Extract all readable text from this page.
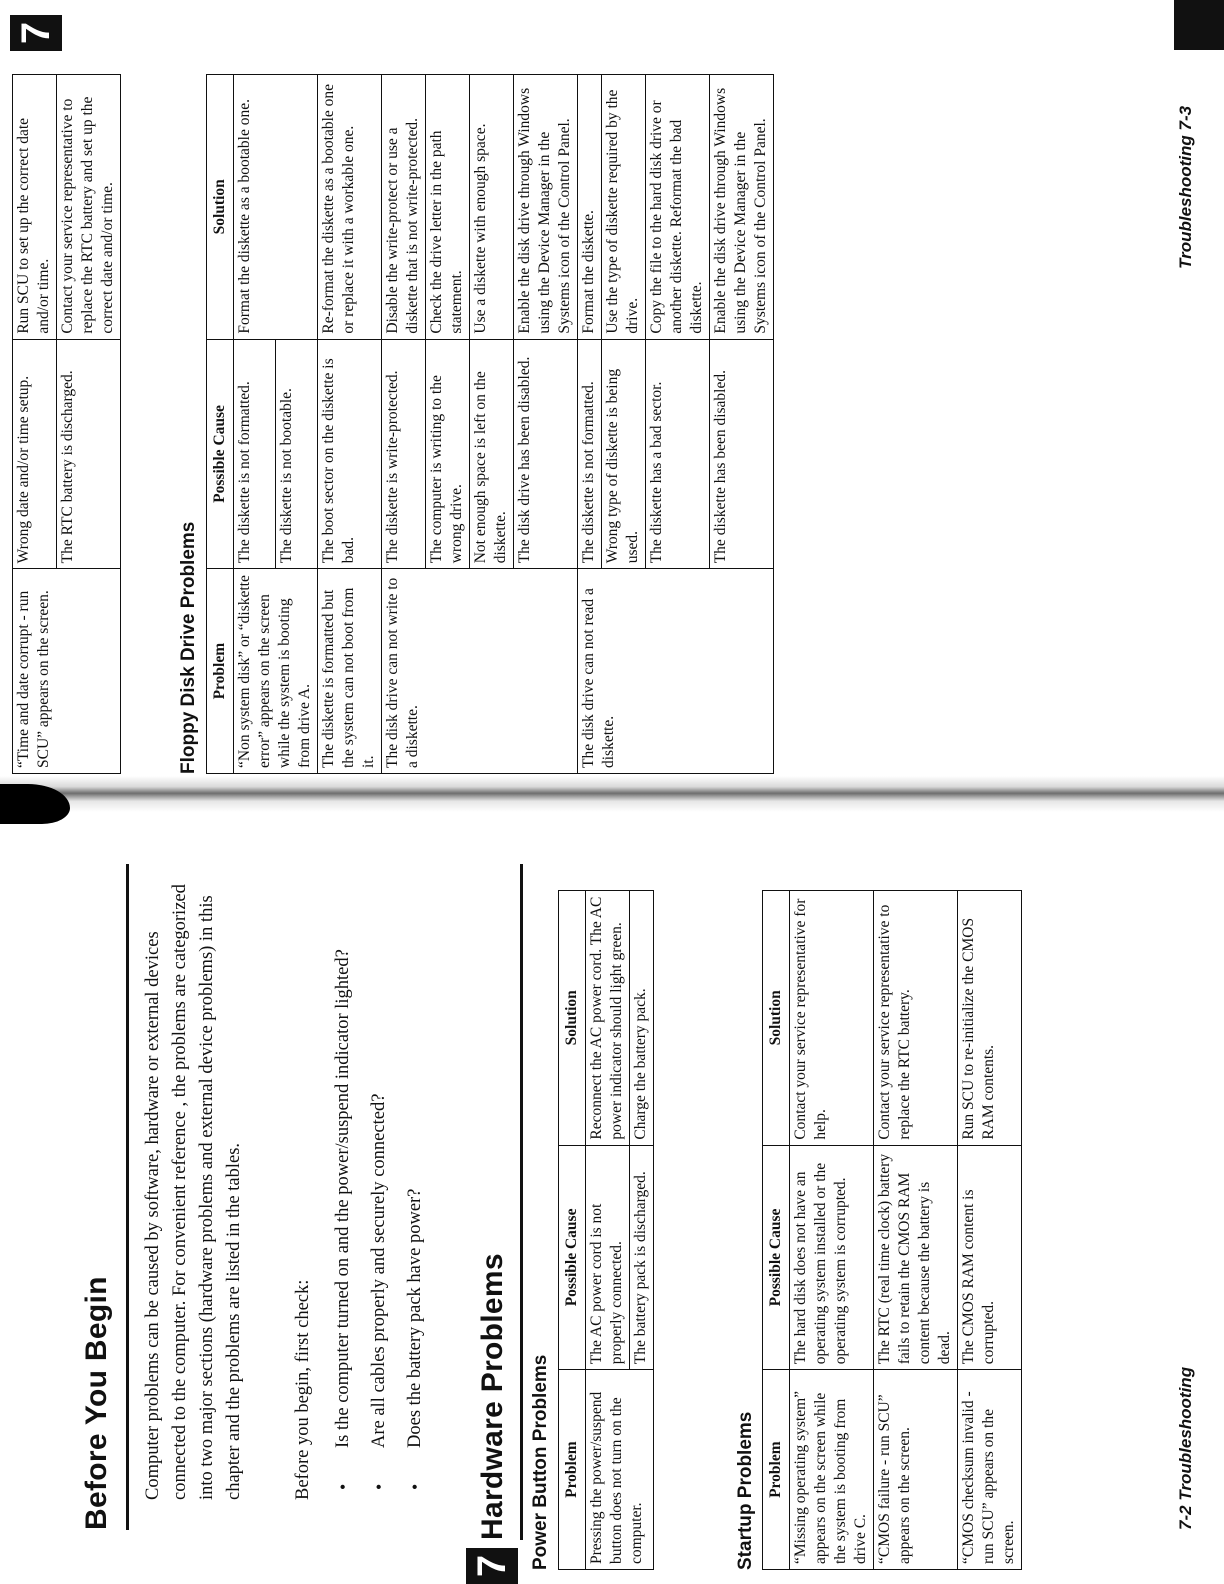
Before You Begin Computer problems can be caused by software, hardware or external devices connected to the computer. For convenient reference , the problems are categorized into two major sections (hardware problems and external device problems) in this chapter and the problems are listed in the tables.	Before you begin, first check: •
Is the computer turned on and the power/suspend indicator lighted?
•
Are all cables properly and securely connected?
•
Does the battery pack have power?
7
Hardware Problems Power Button Problems Problem	Possible Cause	Solution
Pressing the power/suspend button does not turn on the computer.	The AC power cord is not properly connected.	Reconnect the AC power cord. The AC power indicator should light green.
	The battery pack is discharged.	Charge the battery pack.
Startup Problems Problem	Possible Cause	Solution
“Missing operating system” appears on the screen while the system is booting from drive C.	The hard disk does not have an operating system installed or the operating system is corrupted.	Contact your service representative for help.
“CMOS failure - run SCU” appears on the screen.	The RTC (real time clock) battery fails to retain the CMOS RAM content because the battery is dead.	Contact your service representative to replace the RTC battery.
“CMOS checksum invalid - run SCU” appears on the screen.	The CMOS RAM content is corrupted.	Run SCU to re-initialize the CMOS RAM contents.
7-2 Troubleshooting
7
“Time and date corrupt - run SCU” appears on the screen.	Wrong date and/or time setup.	Run SCU to set up the correct date and/or time.
	The RTC battery is discharged.	Contact your service representative to replace the RTC battery and set up the correct date and/or time.
Floppy Disk Drive Problems Problem	Possible Cause	Solution
“Non system disk” or “diskette error” appears on the screen while the system is booting from drive A.	The diskette is not formatted.	Format the diskette as a bootable one.
	The diskette is not bootable.	
The diskette is formatted but the system can not boot from it.	The boot sector on the diskette is bad.	Re-format the diskette as a bootable one or replace it with a workable one.
The disk drive can not write to a diskette.	The diskette is write-protected.	Disable the write-protect or use a diskette that is not write-protected.
	The computer is writing to the wrong drive.	Check the drive letter in the path statement.
	Not enough space is left on the diskette.	Use a diskette with enough space.
	The disk drive has been disabled.	Enable the disk drive through Windows using the Device Manager in the Systems icon of the Control Panel.
The disk drive can not read a diskette.	The diskette is not formatted.	Format the diskette.
	Wrong type of diskette is being used.	Use the type of diskette required by the drive.
	The diskette has a bad sector.	Copy the file to the hard disk drive or another diskette. Reformat the bad diskette.
	The diskette has been disabled.	Enable the disk drive through Windows using the Device Manager in the Systems icon of the Control Panel.	Troubleshooting 7-3
